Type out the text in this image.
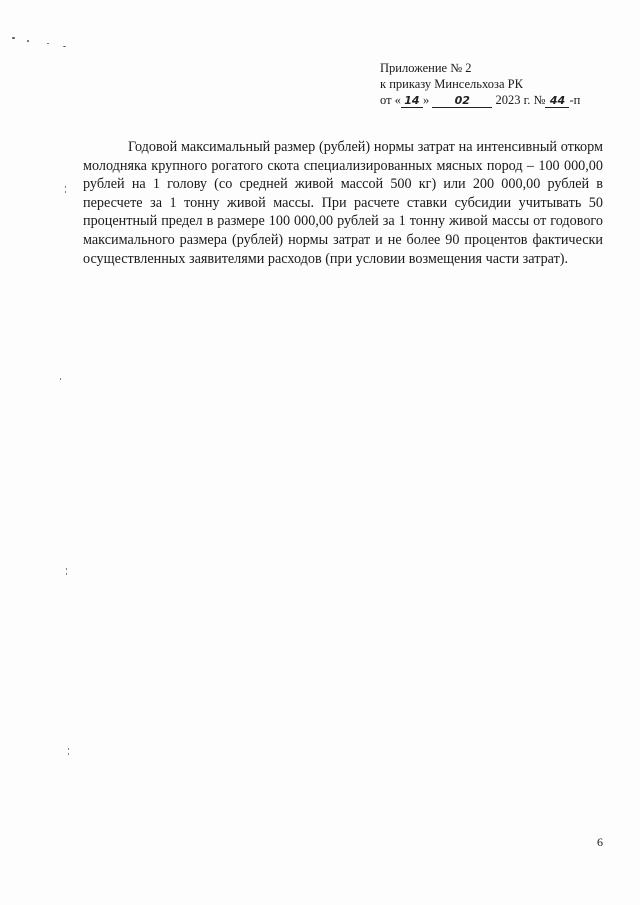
Приложение № 2
к приказу Минсельхоза РК
от « 14 » 02 2023 г. № 44 -п

Годовой максимальный размер (рублей) нормы затрат на интенсивный откорм молодняка крупного рогатого скота специализированных мясных пород – 100 000,00 рублей на 1 голову (со средней живой массой 500 кг) или 200 000,00 рублей в пересчете за 1 тонну живой массы. При расчете ставки субсидии учитывать 50 процентный предел в размере 100 000,00 рублей за 1 тонну живой массы от годового максимального размера (рублей) нормы затрат и не более 90 процентов фактически осуществленных заявителями расходов (при условии возмещения части затрат).

6
